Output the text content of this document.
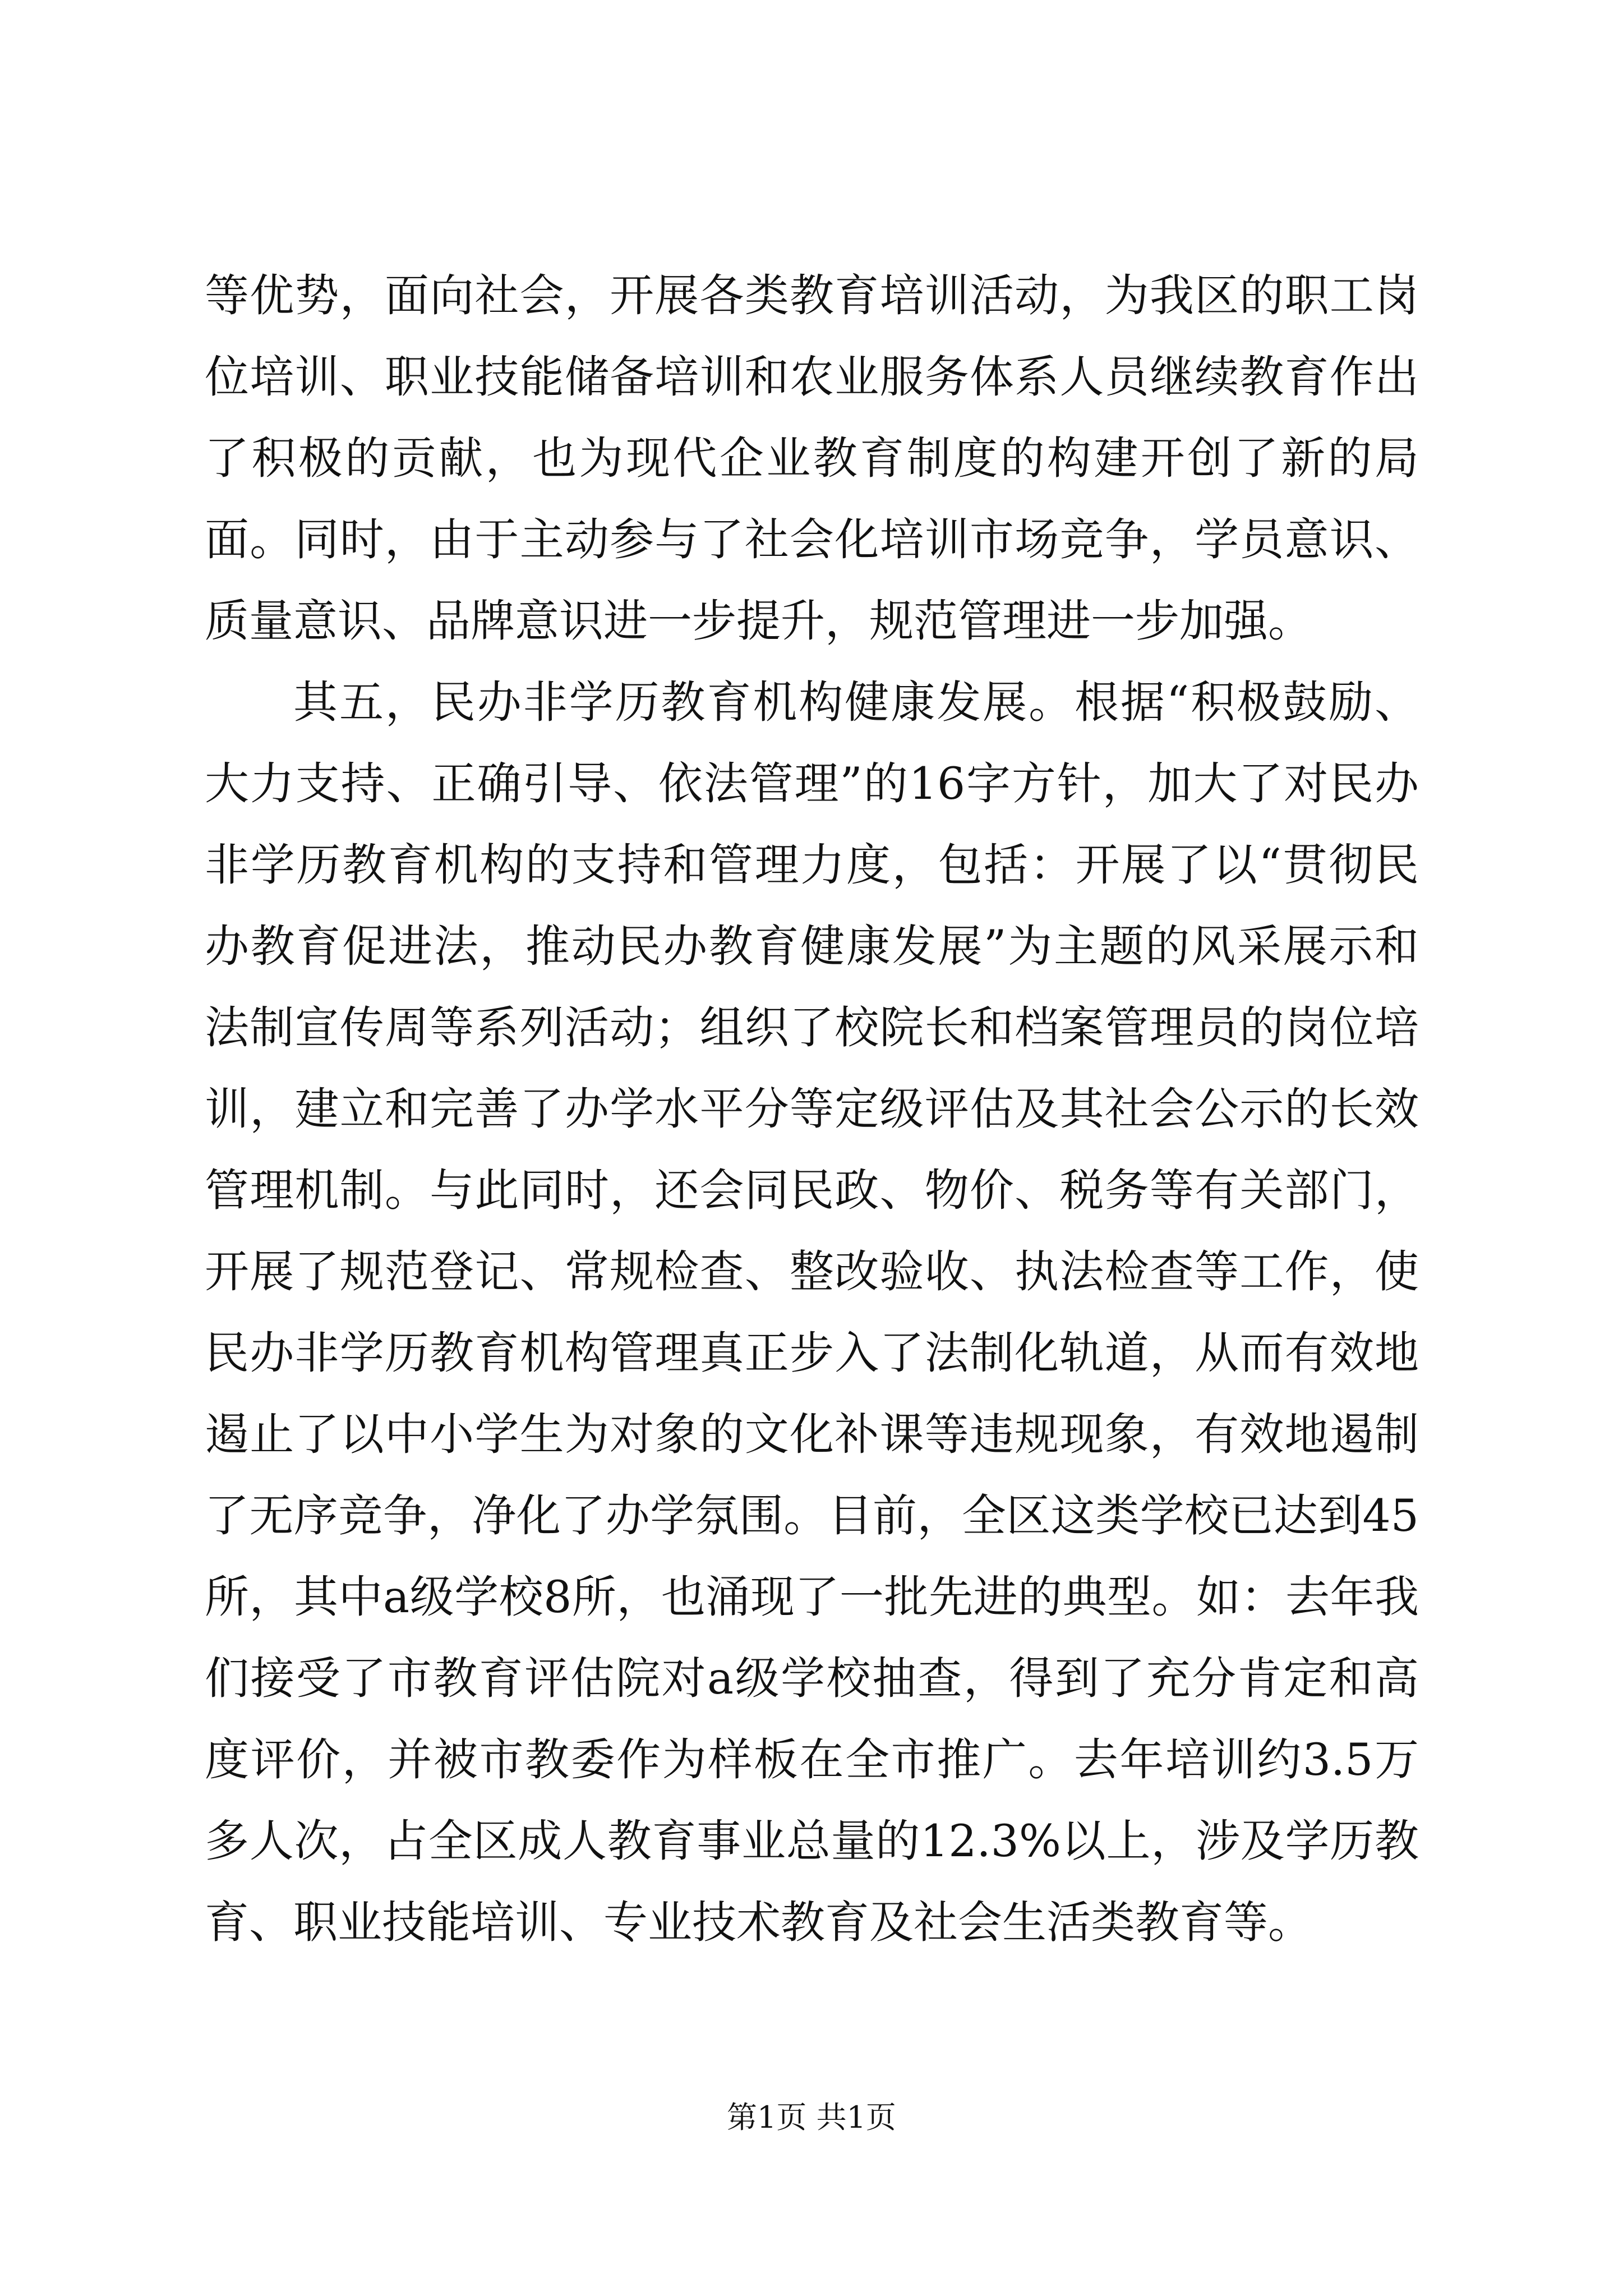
等优势，面向社会，开展各类教育培训活动，为我区的职工岗位培训、职业技能储备培训和农业服务体系人员继续教育作出了积极的贡献，也为现代企业教育制度的构建开创了新的局面。同时，由于主动参与了社会化培训市场竞争，学员意识、质量意识、品牌意识进一步提升，规范管理进一步加强。

其五，民办非学历教育机构健康发展。根据“积极鼓励、大力支持、正确引导、依法管理”的16字方针，加大了对民办非学历教育机构的支持和管理力度，包括：开展了以“贯彻民办教育促进法，推动民办教育健康发展”为主题的风采展示和法制宣传周等系列活动；组织了校院长和档案管理员的岗位培训，建立和完善了办学水平分等定级评估及其社会公示的长效管理机制。与此同时，还会同民政、物价、税务等有关部门，开展了规范登记、常规检查、整改验收、执法检查等工作，使民办非学历教育机构管理真正步入了法制化轨道，从而有效地遏止了以中小学生为对象的文化补课等违规现象，有效地遏制了无序竞争，净化了办学氛围。目前，全区这类学校已达到45所，其中a级学校8所，也涌现了一批先进的典型。如：去年我们接受了市教育评估院对a级学校抽查，得到了充分肯定和高度评价，并被市教委作为样板在全市推广。去年培训约3.5万多人次，占全区成人教育事业总量的12.3%以上，涉及学历教育、职业技能培训、专业技术教育及社会生活类教育等。

第1页 共1页
